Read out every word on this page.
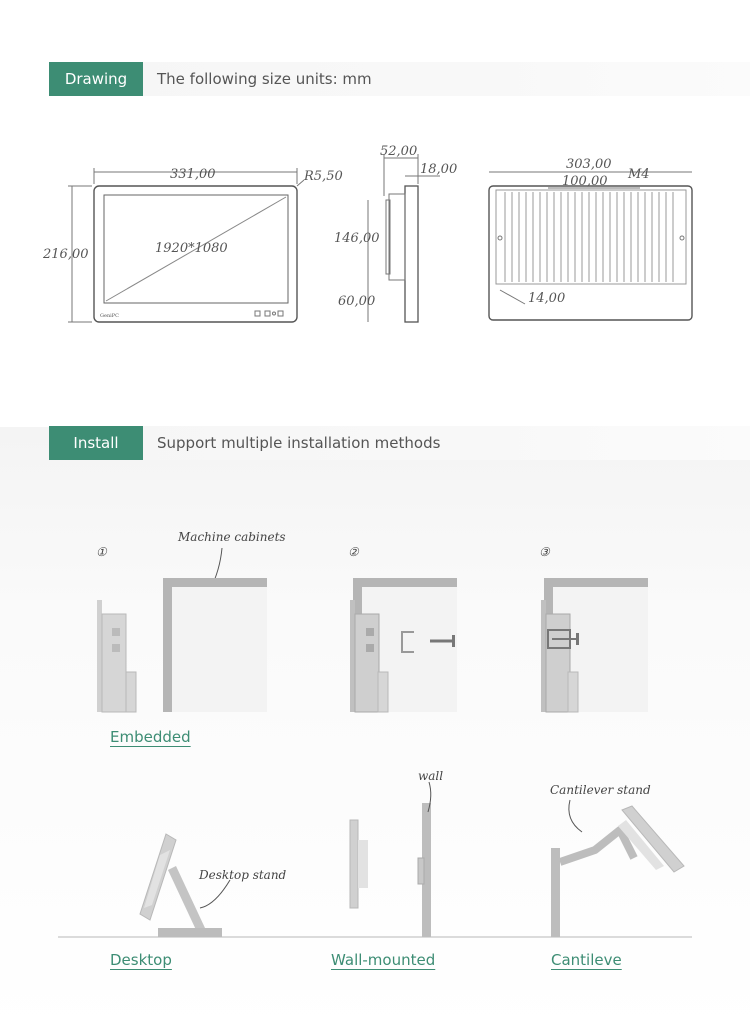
Drawing	The following size units: mm
331,00	R5,50
216,00	1920*1080
GeniPC
52,00
18,00
146,00
60,00
303,00
100,00 M4
14,00
Install	Support multiple installation methods
①	②	③
Machine cabinets
Desktop stand
wall
Cantilever stand
Embedded
Desktop	Wall-mounted	Cantileve
